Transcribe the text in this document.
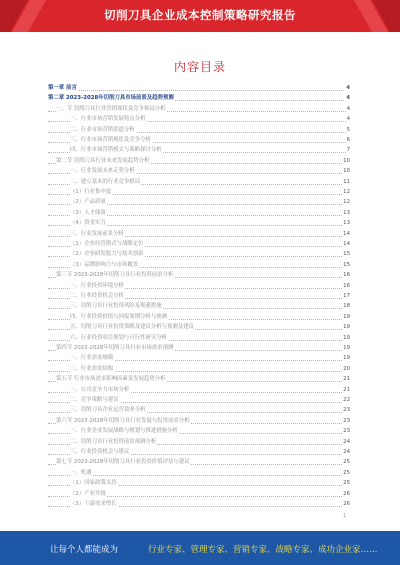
切削刀具企业成本控制策略研究报告
内容目录
第一章 前言	4
第二章 2023-2028年切削刀具市场前景及趋势预测	4
一、节 切削刀具行业营销现状及竞争格局分析	4
一、行业市场营销发展特点分析	4
二、行业市场营销渠道分析	5
三、行业市场营销现状及竞争分析	6
四、行业市场营销模式与策略探讨分析	7
第二节 切削刀具行业未来发展趋势分析	10
一、行业发展未来走势分析	10
二、建立基本的行业竞争格局	11
（1）行业集中度	12
（2）产品质量	12
（3）人才储备	13
（4）资金实力	13
三、行业发展前景分析	14
（1）企业经营模式与战略定位	14
（2）企业研发能力与技术创新	15
（3）品牌影响力与市场覆盖	15
第三节 2023-2028年切削刀具行业投资前景分析	16
一、行业投资环境分析	16
二、行业投资机会分析	17
三、切削刀具行业投资风险及规避措施	18
四、行业投资价值与回报周期分析与预测	19
五、切削刀具行业投资策略及建议分析与预测及建议	19
六、行业投资项目规划与可行性研究分析	19
第四节 2023-2028年切削刀具行业市场需求预测	19
一、行业需求规模	19
二、行业需求结构	20
第五节 行业市场需求影响因素及发展趋势分析	21
一、公司竞争力市场分析	21
二、竞争策略与建议	22
三、切削刀具企业运营效率分析	23
第六节 2023-2028年切削刀具行业发展与投资前景分析	23
一、行业企业发展战略与规划与推进措施分析	23
二、切削刀具行业投资前景预测分析	24
三、行业投资机会与建议	24
第七节 2023-2028年切削刀具行业投资价值评估与建议	25
一、机遇	25
（1）国家政策支持	25
（2）产业升级	26
（3）下游需求增长	26
1
让每个人都能成为	行业专家、管理专家、营销专家、战略专家、成功企业家……
